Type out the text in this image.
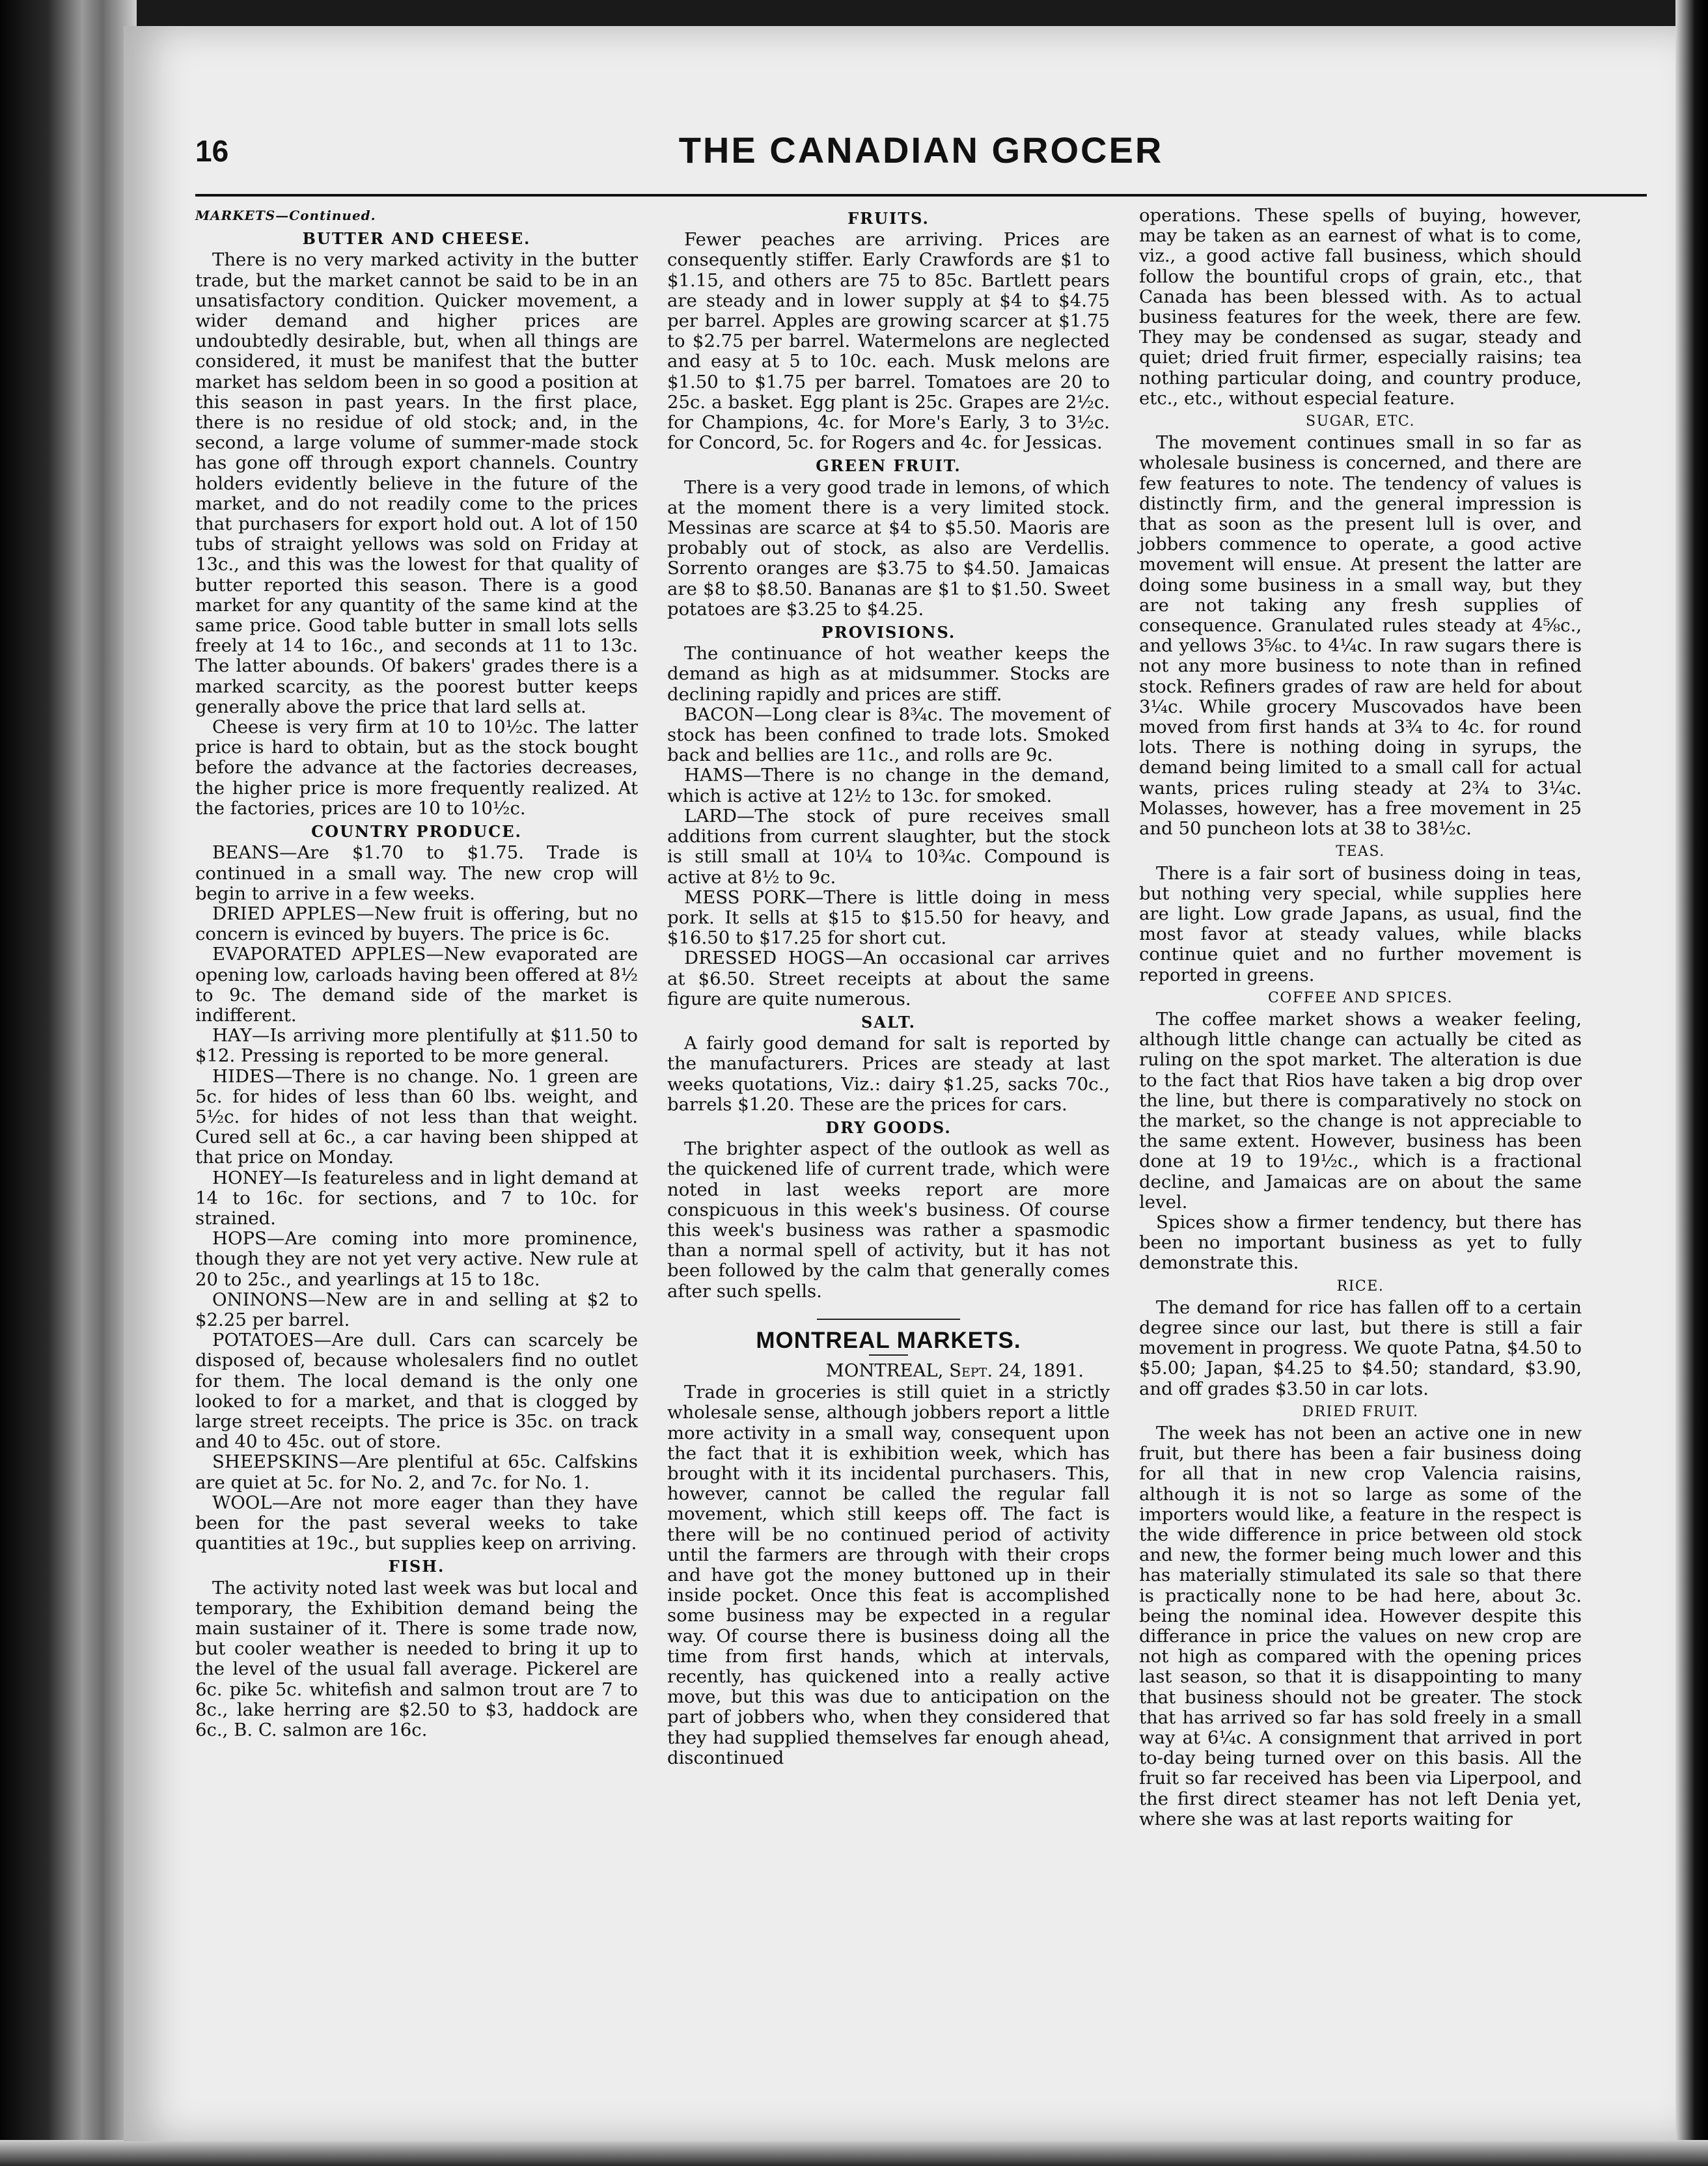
16	THE CANADIAN GROCER
MARKETS—Continued.
BUTTER AND CHEESE.

There is no very marked activity in the butter trade, but the market cannot be said to be in an unsatisfactory condition. Quicker movement, a wider demand and higher prices are undoubtedly desirable, but, when all things are considered, it must be manifest that the butter market has seldom been in so good a position at this season in past years. In the first place, there is no residue of old stock; and, in the second, a large volume of summer-made stock has gone off through export channels. Country holders evidently believe in the future of the market, and do not readily come to the prices that purchasers for export hold out. A lot of 150 tubs of straight yellows was sold on Friday at 13c., and this was the lowest for that quality of butter reported this season. There is a good market for any quantity of the same kind at the same price. Good table butter in small lots sells freely at 14 to 16c., and seconds at 11 to 13c. The latter abounds. Of bakers' grades there is a marked scarcity, as the poorest butter keeps generally above the price that lard sells at.

Cheese is very firm at 10 to 10½c. The latter price is hard to obtain, but as the stock bought before the advance at the factories decreases, the higher price is more frequently realized. At the factories, prices are 10 to 10½c.

COUNTRY PRODUCE.

BEANS—Are $1.70 to $1.75. Trade is continued in a small way. The new crop will begin to arrive in a few weeks.

DRIED APPLES—New fruit is offering, but no concern is evinced by buyers. The price is 6c.

EVAPORATED APPLES—New evaporated are opening low, carloads having been offered at 8½ to 9c. The demand side of the market is indifferent.

HAY—Is arriving more plentifully at $11.50 to $12. Pressing is reported to be more general.

HIDES—There is no change. No. 1 green are 5c. for hides of less than 60 lbs. weight, and 5½c. for hides of not less than that weight. Cured sell at 6c., a car having been shipped at that price on Monday.

HONEY—Is featureless and in light demand at 14 to 16c. for sections, and 7 to 10c. for strained.

HOPS—Are coming into more prominence, though they are not yet very active. New rule at 20 to 25c., and yearlings at 15 to 18c.

ONINONS—New are in and selling at $2 to $2.25 per barrel.

POTATOES—Are dull. Cars can scarcely be disposed of, because wholesalers find no outlet for them. The local demand is the only one looked to for a market, and that is clogged by large street receipts. The price is 35c. on track and 40 to 45c. out of store.

SHEEPSKINS—Are plentiful at 65c. Calfskins are quiet at 5c. for No. 2, and 7c. for No. 1.

WOOL—Are not more eager than they have been for the past several weeks to take quantities at 19c., but supplies keep on arriving.

FISH.

The activity noted last week was but local and temporary, the Exhibition demand being the main sustainer of it. There is some trade now, but cooler weather is needed to bring it up to the level of the usual fall average. Pickerel are 6c. pike 5c. whitefish and salmon trout are 7 to 8c., lake herring are $2.50 to $3, haddock are 6c., B. C. salmon are 16c.

FRUITS.

Fewer peaches are arriving. Prices are consequently stiffer. Early Crawfords are $1 to $1.15, and others are 75 to 85c. Bartlett pears are steady and in lower supply at $4 to $4.75 per barrel. Apples are growing scarcer at $1.75 to $2.75 per barrel. Watermelons are neglected and easy at 5 to 10c. each. Musk melons are $1.50 to $1.75 per barrel. Tomatoes are 20 to 25c. a basket. Egg plant is 25c. Grapes are 2½c. for Champions, 4c. for More's Early, 3 to 3½c. for Concord, 5c. for Rogers and 4c. for Jessicas.

GREEN FRUIT.

There is a very good trade in lemons, of which at the moment there is a very limited stock. Messinas are scarce at $4 to $5.50. Maoris are probably out of stock, as also are Verdellis. Sorrento oranges are $3.75 to $4.50. Jamaicas are $8 to $8.50. Bananas are $1 to $1.50. Sweet potatoes are $3.25 to $4.25.

PROVISIONS.

The continuance of hot weather keeps the demand as high as at midsummer. Stocks are declining rapidly and prices are stiff.

BACON—Long clear is 8¾c. The movement of stock has been confined to trade lots. Smoked back and bellies are 11c., and rolls are 9c.

HAMS—There is no change in the demand, which is active at 12½ to 13c. for smoked.

LARD—The stock of pure receives small additions from current slaughter, but the stock is still small at 10¼ to 10¾c. Compound is active at 8½ to 9c.

MESS PORK—There is little doing in mess pork. It sells at $15 to $15.50 for heavy, and $16.50 to $17.25 for short cut.

DRESSED HOGS—An occasional car arrives at $6.50. Street receipts at about the same figure are quite numerous.

SALT.

A fairly good demand for salt is reported by the manufacturers. Prices are steady at last weeks quotations, Viz.: dairy $1.25, sacks 70c., barrels $1.20. These are the prices for cars.

DRY GOODS.

The brighter aspect of the outlook as well as the quickened life of current trade, which were noted in last weeks report are more conspicuous in this week's business. Of course this week's business was rather a spasmodic than a normal spell of activity, but it has not been followed by the calm that generally comes after such spells.

MONTREAL MARKETS.
MONTREAL, Sept. 24, 1891.

Trade in groceries is still quiet in a strictly wholesale sense, although jobbers report a little more activity in a small way, consequent upon the fact that it is exhibition week, which has brought with it its incidental purchasers. This, however, cannot be called the regular fall movement, which still keeps off. The fact is there will be no continued period of activity until the farmers are through with their crops and have got the money buttoned up in their inside pocket. Once this feat is accomplished some business may be expected in a regular way. Of course there is business doing all the time from first hands, which at intervals, recently, has quickened into a really active move, but this was due to anticipation on the part of jobbers who, when they considered that they had supplied themselves far enough ahead, discontinued

operations. These spells of buying, however, may be taken as an earnest of what is to come, viz., a good active fall business, which should follow the bountiful crops of grain, etc., that Canada has been blessed with. As to actual business features for the week, there are few. They may be condensed as sugar, steady and quiet; dried fruit firmer, especially raisins; tea nothing particular doing, and country produce, etc., etc., without especial feature.

SUGAR, ETC.

The movement continues small in so far as wholesale business is concerned, and there are few features to note. The tendency of values is distinctly firm, and the general impression is that as soon as the present lull is over, and jobbers commence to operate, a good active movement will ensue. At present the latter are doing some business in a small way, but they are not taking any fresh supplies of consequence. Granulated rules steady at 4⅝c., and yellows 3⅝c. to 4¼c. In raw sugars there is not any more business to note than in refined stock. Refiners grades of raw are held for about 3¼c. While grocery Muscovados have been moved from first hands at 3¾ to 4c. for round lots. There is nothing doing in syrups, the demand being limited to a small call for actual wants, prices ruling steady at 2¾ to 3¼c. Molasses, however, has a free movement in 25 and 50 puncheon lots at 38 to 38½c.

TEAS.

There is a fair sort of business doing in teas, but nothing very special, while supplies here are light. Low grade Japans, as usual, find the most favor at steady values, while blacks continue quiet and no further movement is reported in greens.

COFFEE AND SPICES.

The coffee market shows a weaker feeling, although little change can actually be cited as ruling on the spot market. The alteration is due to the fact that Rios have taken a big drop over the line, but there is comparatively no stock on the market, so the change is not appreciable to the same extent. However, business has been done at 19 to 19½c., which is a fractional decline, and Jamaicas are on about the same level.

Spices show a firmer tendency, but there has been no important business as yet to fully demonstrate this.

RICE.

The demand for rice has fallen off to a certain degree since our last, but there is still a fair movement in progress. We quote Patna, $4.50 to $5.00; Japan, $4.25 to $4.50; standard, $3.90, and off grades $3.50 in car lots.

DRIED FRUIT.

The week has not been an active one in new fruit, but there has been a fair business doing for all that in new crop Valencia raisins, although it is not so large as some of the importers would like, a feature in the respect is the wide difference in price between old stock and new, the former being much lower and this has materially stimulated its sale so that there is practically none to be had here, about 3c. being the nominal idea. However despite this differance in price the values on new crop are not high as compared with the opening prices last season, so that it is disappointing to many that business should not be greater. The stock that has arrived so far has sold freely in a small way at 6¼c. A consignment that arrived in port to-day being turned over on this basis. All the fruit so far received has been via Liperpool, and the first direct steamer has not left Denia yet, where she was at last reports waiting for
